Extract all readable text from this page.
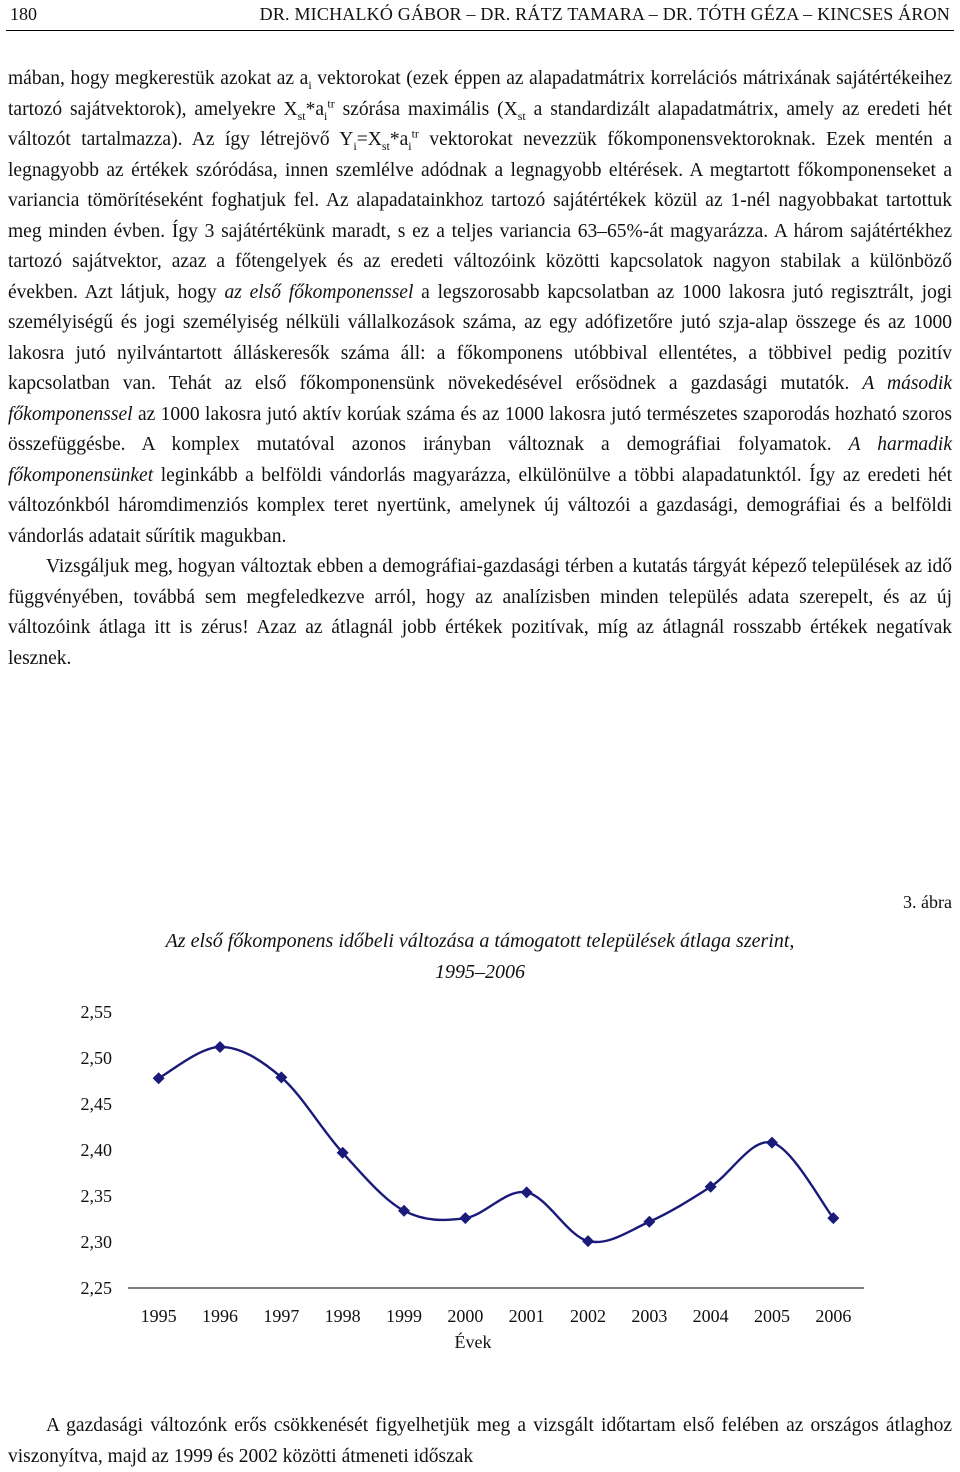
180	DR. MICHALKÓ GÁBOR – DR. RÁTZ TAMARA – DR. TÓTH GÉZA – KINCSES ÁRON

mában, hogy megkerestük azokat az $a_i$ vektorokat (ezek éppen az alapadatmátrix korrelációs mátrixának sajátértékeihez tartozó sajátvektorok), amelyekre $X_{st}*a_i^{tr}$ szórása maximális ($X_{st}$ a standardizált alapadatmátrix, amely az eredeti hét változót tartalmazza). Az így létrejövő $Y_i=X_{st}*a_i^{tr}$ vektorokat nevezzük főkomponensvektoroknak. Ezek mentén a legnagyobb az értékek szóródása, innen szemlélve adódnak a legnagyobb eltérések. A megtartott főkomponenseket a variancia tömörítéseként foghatjuk fel. Az alapadatainkhoz tartozó sajátértékek közül az 1-nél nagyobbakat tartottuk meg minden évben. Így 3 sajátértékünk maradt, s ez a teljes variancia 63–65%-át magyarázza. A három sajátértékhez tartozó sajátvektor, azaz a főtengelyek és az eredeti változóink közötti kapcsolatok nagyon stabilak a különböző években. Azt látjuk, hogy az első főkomponenssel a legszorosabb kapcsolatban az 1000 lakosra jutó regisztrált, jogi személyiségű és jogi személyiség nélküli vállalkozások száma, az egy adófizetőre jutó szja-alap összege és az 1000 lakosra jutó nyilvántartott álláskeresők száma áll: a főkomponens utóbbival ellentétes, a többivel pedig pozitív kapcsolatban van. Tehát az első főkomponensünk növekedésével erősödnek a gazdasági mutatók. A második főkomponenssel az 1000 lakosra jutó aktív korúak száma és az 1000 lakosra jutó természetes szaporodás hozható szoros összefüggésbe. A komplex mutatóval azonos irányban változnak a demográfiai folyamatok. A harmadik főkomponensünket leginkább a belföldi vándorlás magyarázza, elkülönülve a többi alapadatunktól. Így az eredeti hét változónkból háromdimenziós komplex teret nyertünk, amelynek új változói a gazdasági, demográfiai és a belföldi vándorlás adatait sűrítik magukban.

Vizsgáljuk meg, hogyan változtak ebben a demográfiai-gazdasági térben a kutatás tárgyát képező települések az idő függvényében, továbbá sem megfeledkezve arról, hogy az analízisben minden település adata szerepelt, és az új változóink átlaga itt is zérus! Azaz az átlagnál jobb értékek pozitívak, míg az átlagnál rosszabb értékek negatívak lesznek.

3. ábra
Az első főkomponens időbeli változása a támogatott települések átlaga szerint,
1995–2006
2,25
2,30
2,35
2,40
2,45
2,50
2,55
1995 1996 1997 1998 1999 2000 2001 2002 2003 2004 2005 2006
Évek

A gazdasági változónk erős csökkenését figyelhetjük meg a vizsgált időtartam első felében az országos átlaghoz viszonyítva, majd az 1999 és 2002 közötti átmeneti időszak
